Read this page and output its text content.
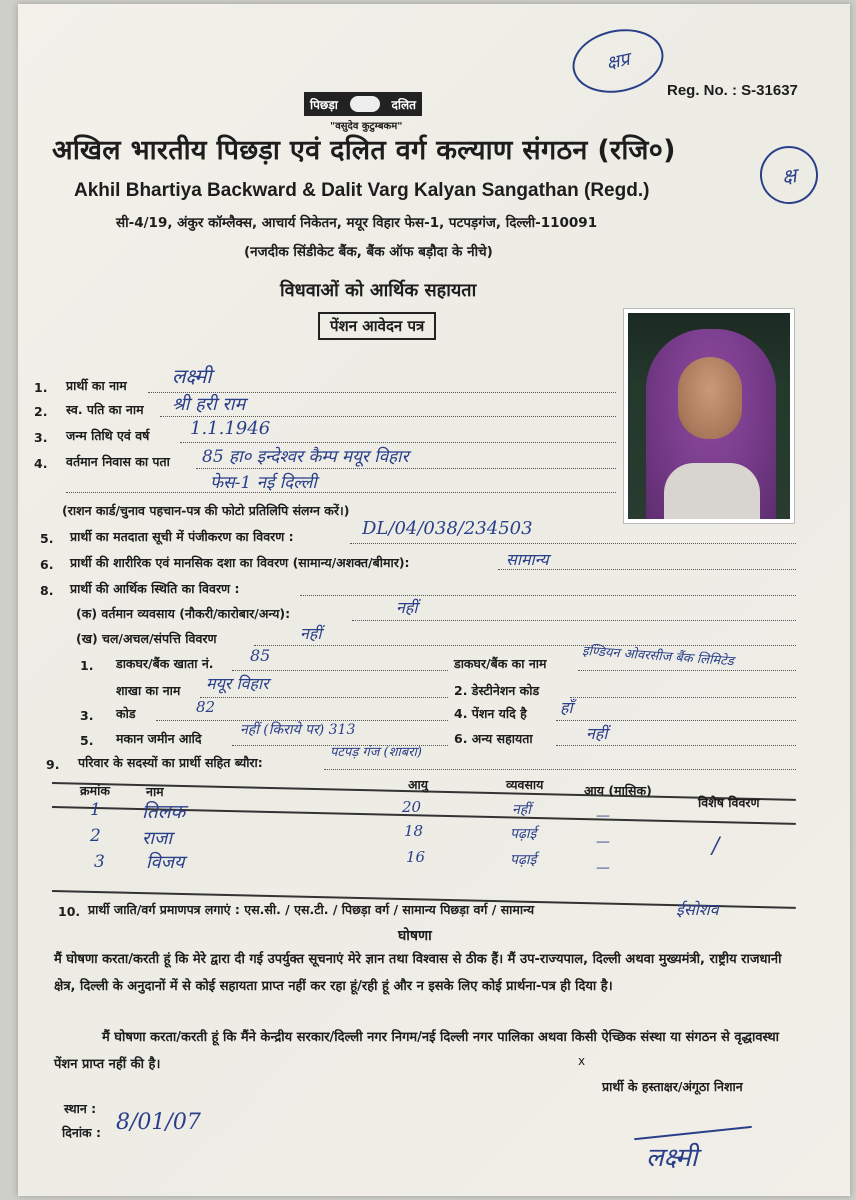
क्षप्र
Reg. No. : S-31637
पिछड़ा	दलित
"वसुदेव कुटुम्बकम"
अखिल भारतीय पिछड़ा एवं दलित वर्ग कल्याण संगठन (रजि०)
क्ष
Akhil Bhartiya Backward & Dalit Varg Kalyan Sangathan (Regd.)
सी-4/19, अंकुर कॉम्लैक्स, आचार्य निकेतन, मयूर विहार फेस-1, पटपड़गंज, दिल्ली-110091
(नजदीक सिंडीकेट बैंक, बैंक ऑफ बड़ौदा के नीचे)
विधवाओं को आर्थिक सहायता
पेंशन आवेदन पत्र
1. प्रार्थी का नाम लक्ष्मी
2. स्व. पति का नाम श्री हरी राम
3. जन्म तिथि एवं वर्ष 1.1.1946
4. वर्तमान निवास का पता 85 हा० इन्देश्वर कैम्प मयूर विहार
फेस-1 नई दिल्ली
(राशन कार्ड/चुनाव पहचान-पत्र की फोटो प्रतिलिपि संलग्न करें।)
5. प्रार्थी का मतदाता सूची में पंजीकरण का विवरण :	DL/04/038/234503
6. प्रार्थी की शारीरिक एवं मानसिक दशा का विवरण (सामान्य/अशक्त/बीमार):	सामान्य
8. प्रार्थी की आर्थिक स्थिति का विवरण :
(क) वर्तमान व्यवसाय (नौकरी/कारोबार/अन्य):	नहीं
(ख) चल/अचल/संपत्ति विवरण	नहीं
1. डाकघर/बैंक खाता नं. 85	डाकघर/बैंक का नाम	इण्डियन ओवरसीज बैंक लिमिटेड
शाखा का नाम मयूर विहार	2. डेस्टीनेशन कोड
3. कोड	82	4. पेंशन यदि है हाँ
5. मकान जमीन आदि
नहीं (किराये पर) 313
6. अन्य सहायता	नहीं
9. परिवार के सदस्यों का प्रार्थी सहित ब्यौरा:
पटपड़ गंज (शाबरा)
क्रमांक	नाम	आयु	व्यवसाय	आय (मासिक)
विशेष विवरण
1 तिलक	20	नहीं	—
2 राजा	18	पढ़ाई	—	/
3 विजय	16	पढ़ाई	—
10. प्रार्थी जाति/वर्ग प्रमाणपत्र लगाएं : एस.सी. / एस.टी. / पिछड़ा वर्ग / सामान्य पिछड़ा वर्ग / सामान्य	ईसोशव
घोषणा
मैं घोषणा करता/करती हूं कि मेरे द्वारा दी गई उपर्युक्त सूचनाएं मेरे ज्ञान तथा विश्वास से ठीक हैं। मैं उप-राज्यपाल, दिल्ली अथवा मुख्यमंत्री, राष्ट्रीय राजधानी क्षेत्र, दिल्ली के अनुदानों में से कोई सहायता प्राप्त नहीं कर रहा हूं/रही हूं और न इसके लिए कोई प्रार्थना-पत्र ही दिया है।
मैं घोषणा करता/करती हूं कि मैंने केन्द्रीय सरकार/दिल्ली नगर निगम/नई दिल्ली नगर पालिका अथवा किसी ऐच्छिक संस्था या संगठन से वृद्धावस्था पेंशन प्राप्त नहीं की है।	x
प्रार्थी के हस्ताक्षर/अंगूठा निशान
स्थान :
दिनांक : 8/01/07
लक्ष्मी
